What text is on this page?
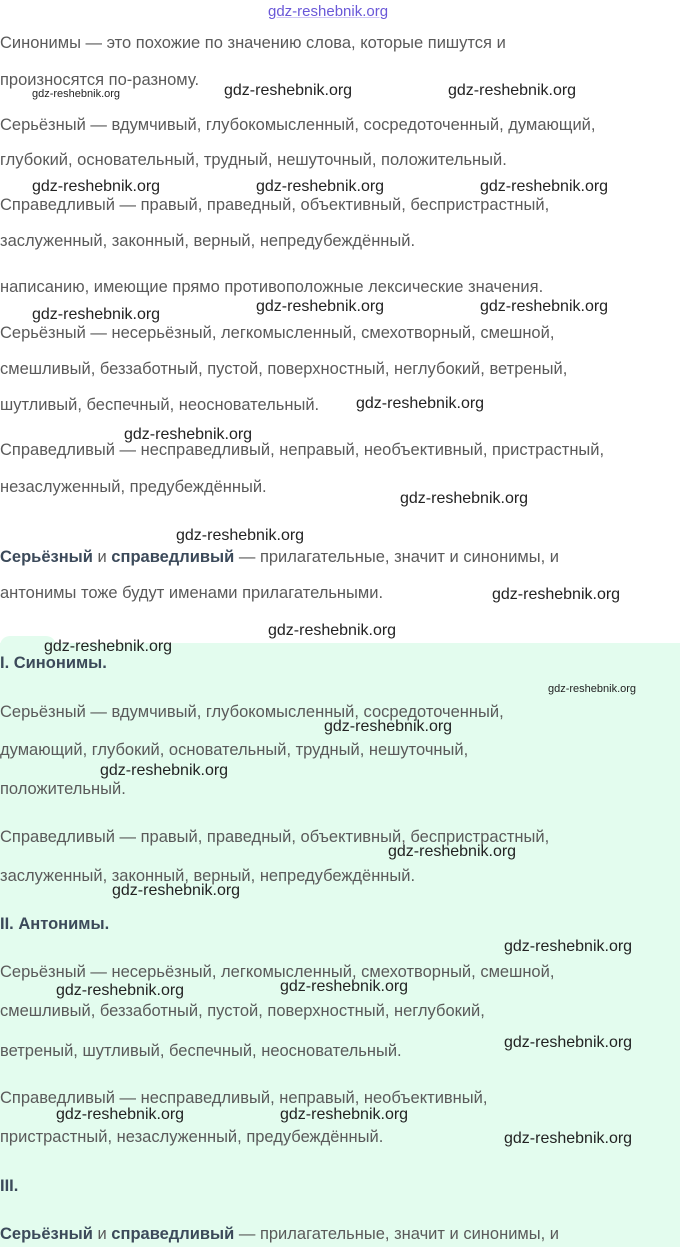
gdz-reshebnik.org
Синонимы — это похожие по значению слова, которые пишутся и
произносятся по-разному.
Серьёзный — вдумчивый, глубокомысленный, сосредоточенный, думающий,
глубокий, основательный, трудный, нешуточный, положительный.
Справедливый — правый, праведный, объективный, беспристрастный,
заслуженный, законный, верный, непредубеждённый.
написанию, имеющие прямо противоположные лексические значения.
Серьёзный — несерьёзный, легкомысленный, смехотворный, смешной,
смешливый, беззаботный, пустой, поверхностный, неглубокий, ветреный,
шутливый, беспечный, неосновательный.
Справедливый — несправедливый, неправый, необъективный, пристрастный,
незаслуженный, предубеждённый.
Серьёзный и справедливый — прилагательные, значит и синонимы, и
антонимы тоже будут именами прилагательными.
I. Синонимы.
Серьёзный — вдумчивый, глубокомысленный, сосредоточенный,
думающий, глубокий, основательный, трудный, нешуточный,
положительный.
Справедливый — правый, праведный, объективный, беспристрастный,
заслуженный, законный, верный, непредубеждённый.
II. Антонимы.
Серьёзный — несерьёзный, легкомысленный, смехотворный, смешной,
смешливый, беззаботный, пустой, поверхностный, неглубокий,
ветреный, шутливый, беспечный, неосновательный.
Справедливый — несправедливый, неправый, необъективный,
пристрастный, незаслуженный, предубеждённый.
III.
Серьёзный и справедливый — прилагательные, значит и синонимы, и
gdz-reshebnik.org	gdz-reshebnik.org	gdz-reshebnik.org
gdz-reshebnik.org	gdz-reshebnik.org	gdz-reshebnik.org
gdz-reshebnik.org	gdz-reshebnik.org	gdz-reshebnik.org
gdz-reshebnik.org
gdz-reshebnik.org
gdz-reshebnik.org
gdz-reshebnik.org
gdz-reshebnik.org
gdz-reshebnik.org
gdz-reshebnik.org
gdz-reshebnik.org
gdz-reshebnik.org
gdz-reshebnik.org
gdz-reshebnik.org
gdz-reshebnik.org
gdz-reshebnik.org
gdz-reshebnik.org
gdz-reshebnik.org
gdz-reshebnik.org
gdz-reshebnik.org	gdz-reshebnik.org
gdz-reshebnik.org
